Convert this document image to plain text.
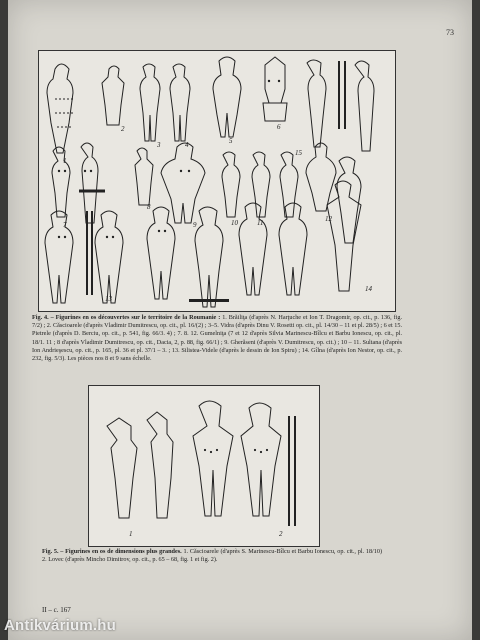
73
1
2
3	4	5
6
7
8
9	10	11	12
13
14
15
Fig. 4. – Figurines en os découvertes sur le territoire de la Roumanie : 1. Brăiliţa (d'après N. Harţuche et Ion T. Dragomir, op. cit., p. 136, fig. 7/2) ; 2. Căscioarele (d'après Vladimir Dumitrescu, op. cit., pl. 16/(2) ; 3–5. Vidra (d'après Dinu V. Rosetti op. cit., pl. 14/30 – 11 et pl. 28/5) ; 6 et 15. Pietrele (d'après D. Berciu, op. cit., p. 541, fig. 66/3. 4) ; 7. 8. 12. Gumelniţa (7 et 12 d'après Silvia Marinescu-Bîlcu et Barbu Ionescu, op. cit., pl. 18/1. 11 ; 8 d'après Vladimir Dumitrescu, op. cit., Dacia, 2, p. 88, fig. 66/1) ; 9. Gherăseni (d'après V. Dumitrescu, op. cit.) ; 10 – 11. Sultana (d'après Ion Andrieşescu, op. cit., p. 165, pl. 36 et pl. 37/1 – 3. ; 13. Silistea-Videle (d'après le dessin de Ion Spiru) ; 14. Gîlna (d'après Ion Nestor, op. cit., p. 232, fig. 5/3). Les pièces nos 8 et 9 sans échelle.
1	2
Fig. 5. – Figurines en os de dimensions plus grandes. 1. Căscioarele (d'après S. Marinescu-Bîlcu et Barbu Ionescu, op. cit., pl. 18/10) 2. Lovec (d'après Mincho Dimitrov, op. cit., p. 65 – 68, fig. 1 et fig. 2).
II – c. 167
Antikvárium.hu
